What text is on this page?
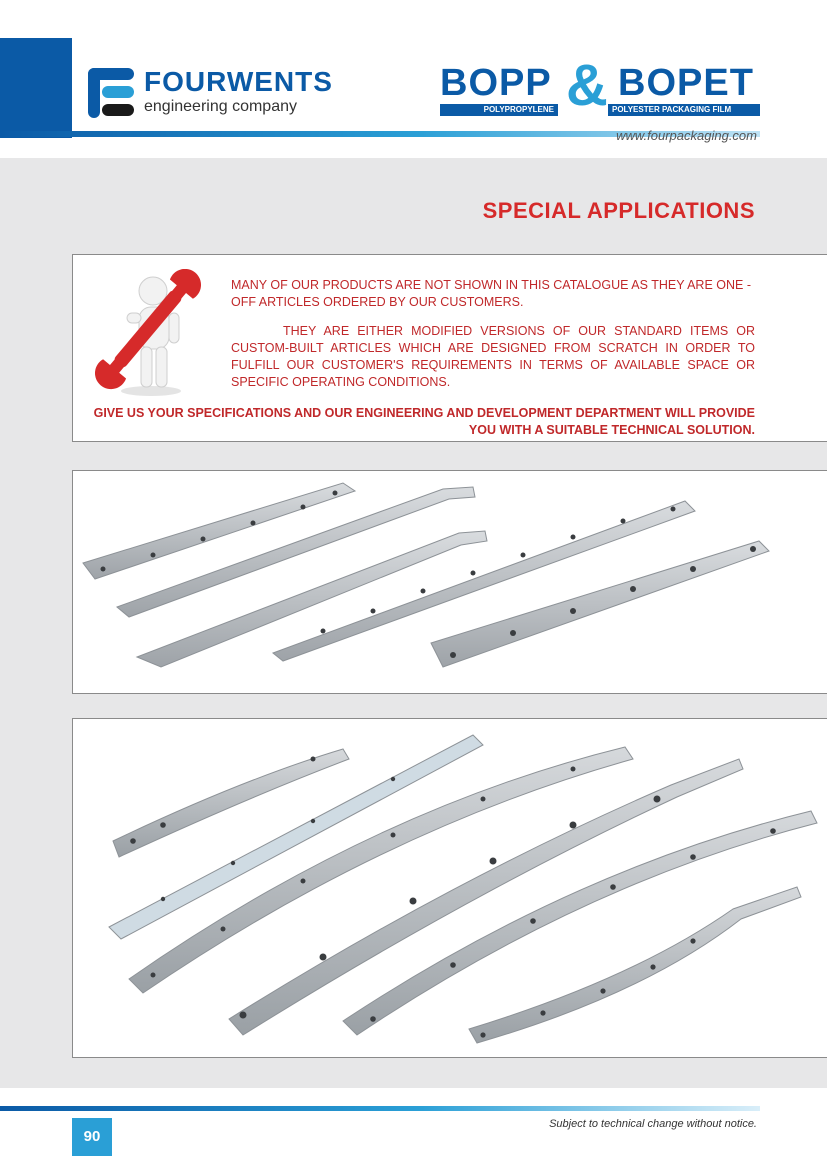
FOURWENTS
engineering company
BOPP & BOPET
POLYPROPYLENE	POLYESTER PACKAGING FILM LINES
www.fourpackaging.com
SPECIAL APPLICATIONS
MANY OF OUR PRODUCTS ARE NOT SHOWN IN THIS CATALOGUE AS THEY ARE ONE -OFF ARTICLES ORDERED BY OUR CUSTOMERS.
THEY ARE EITHER MODIFIED VERSIONS OF OUR STANDARD ITEMS OR CUSTOM-BUILT ARTICLES WHICH ARE DESIGNED FROM SCRATCH IN ORDER TO FULFILL OUR CUSTOMER'S REQUIREMENTS IN TERMS OF AVAILABLE SPACE OR SPECIFIC OPERATING CONDITIONS.
GIVE US YOUR SPECIFICATIONS AND OUR ENGINEERING AND DEVELOPMENT DEPARTMENT WILL PROVIDE YOU WITH A SUITABLE TECHNICAL SOLUTION.
90
Subject to technical change without notice.
